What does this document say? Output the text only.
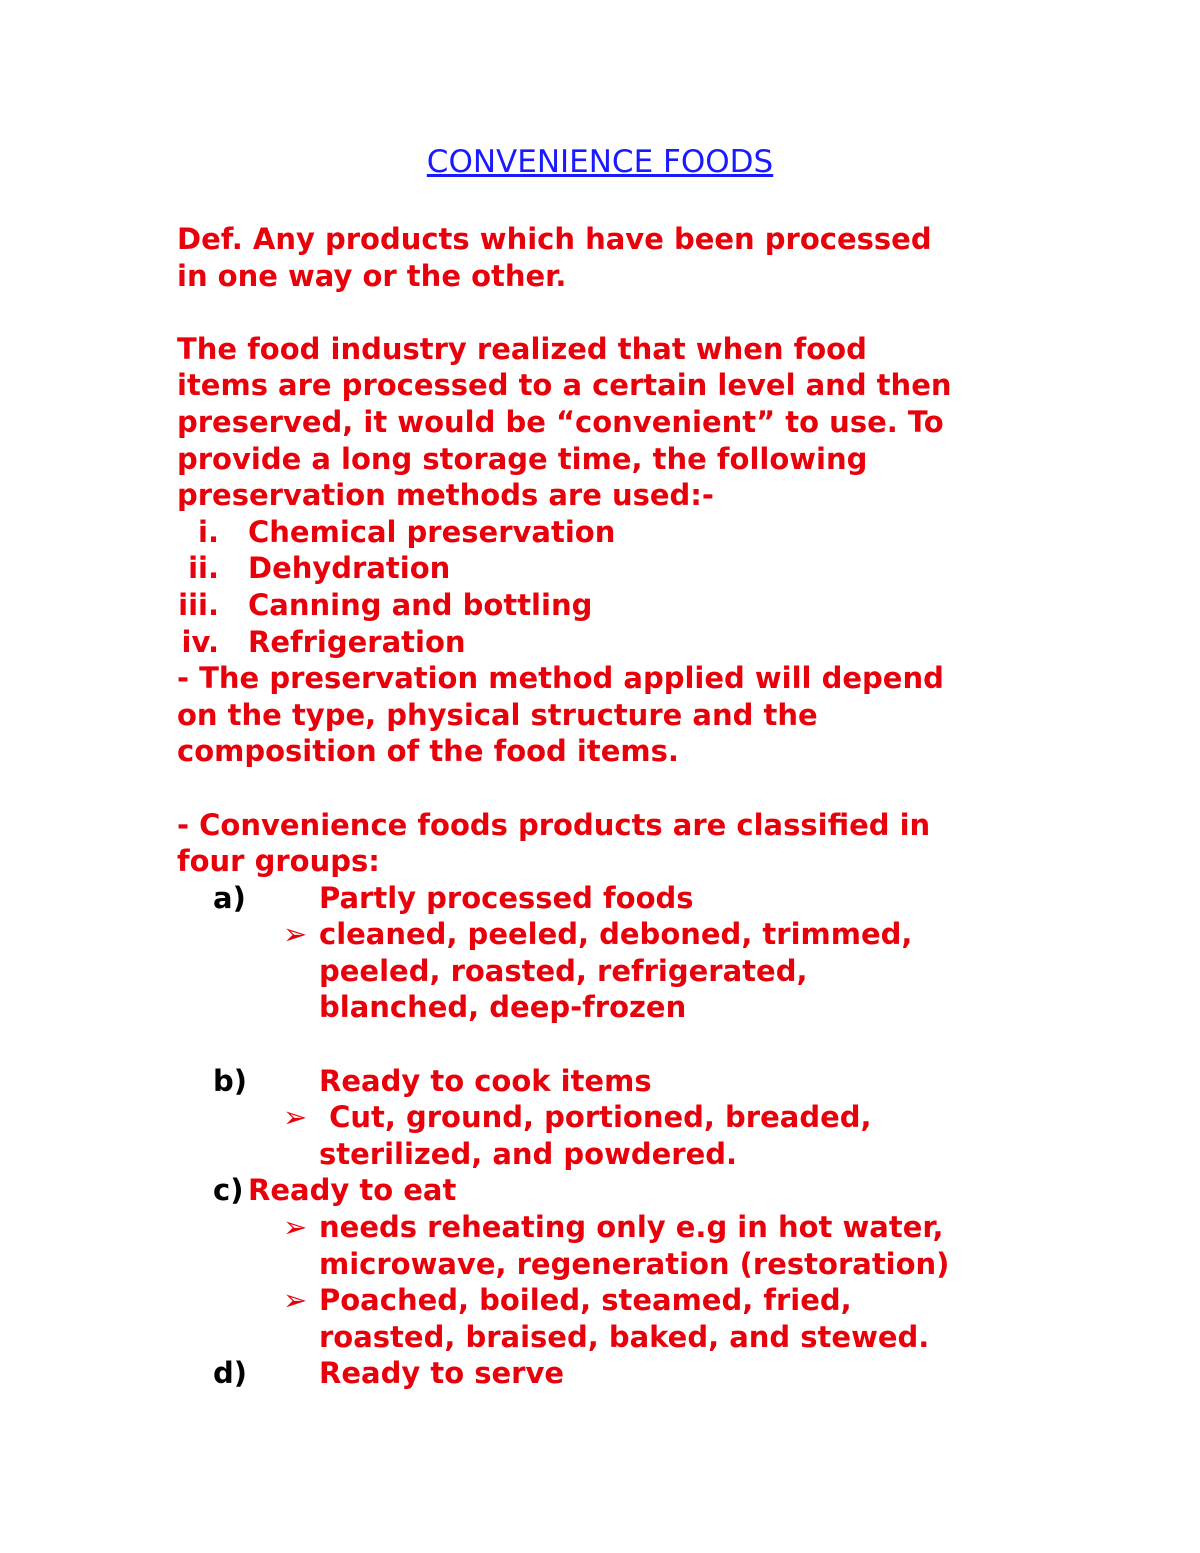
CONVENIENCE FOODS
Def. Any products which have been processed
in one way or the other.
The food industry realized that when food
items are processed to a certain level and then
preserved, it would be “convenient” to use. To
provide a long storage time, the following
preservation methods are used:-
i. Chemical preservation
ii. Dehydration
iii. Canning and bottling
iv. Refrigeration
- The preservation method applied will depend
on the type, physical structure and the
composition of the food items.
- Convenience foods products are classified in
four groups:
a)	Partly processed foods
➢ cleaned, peeled, deboned, trimmed,
peeled, roasted, refrigerated,
blanched, deep-frozen
b) Ready to cook items
➢ Cut, ground, portioned, breaded,
sterilized, and powdered.
c) Ready to eat
➢ needs reheating only e.g in hot water,
microwave, regeneration (restoration)
➢ Poached, boiled, steamed, fried,
roasted, braised, baked, and stewed.
d) Ready to serve
